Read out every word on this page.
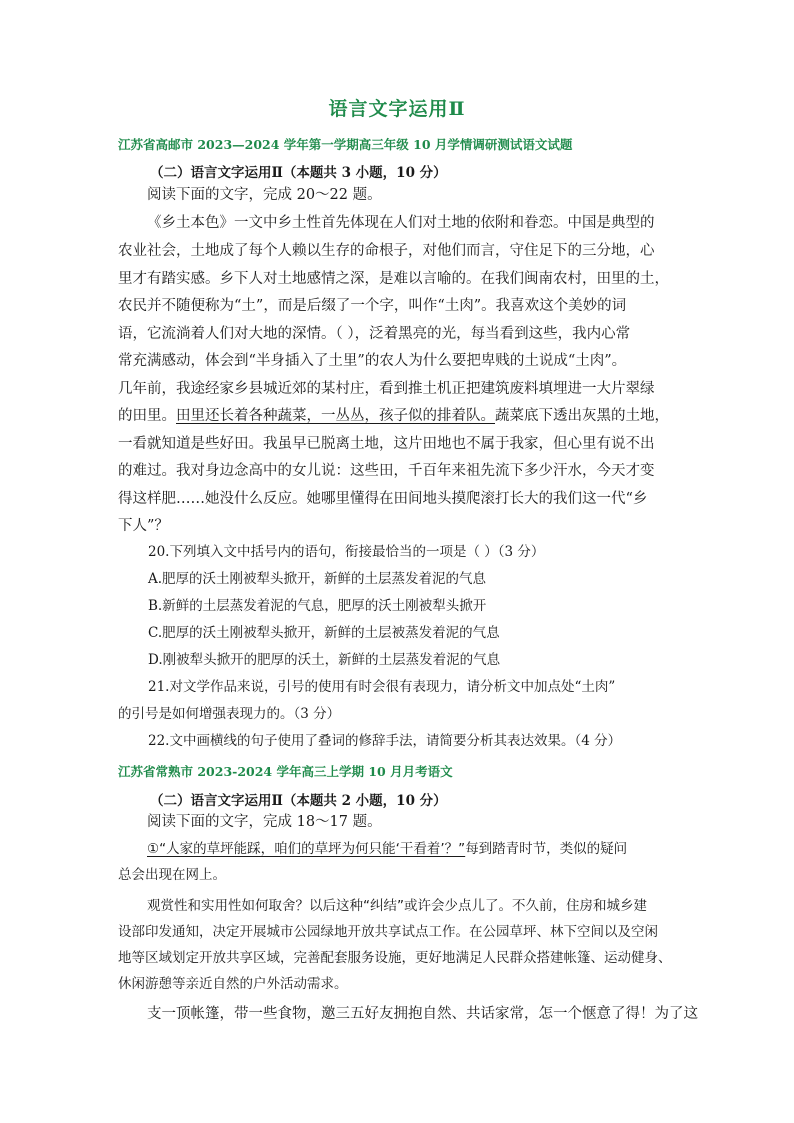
语言文字运用Ⅱ
江苏省高邮市 2023—2024 学年第一学期高三年级 10 月学情调研测试语文试题
（二）语言文字运用Ⅱ（本题共 3 小题，10 分）
阅读下面的文字，完成 20～22 题。
《乡土本色》一文中乡土性首先体现在人们对土地的依附和眷恋。中国是典型的
农业社会，土地成了每个人赖以生存的命根子，对他们而言，守住足下的三分地，心
里才有踏实感。乡下人对土地感情之深，是难以言喻的。在我们闽南农村，田里的土，
农民并不随便称为“土”，而是后缀了一个字，叫作“土肉”。我喜欢这个美妙的词
语，它流淌着人们对大地的深情。（ ），泛着黑亮的光，每当看到这些，我内心常
常充满感动，体会到“半身插入了土里”的农人为什么要把卑贱的土说成“土肉”。
几年前，我途经家乡县城近郊的某村庄，看到推土机正把建筑废料填埋进一大片翠绿
的田里。田里还长着各种蔬菜，一丛丛，孩子似的排着队。蔬菜底下透出灰黑的土地，
一看就知道是些好田。我虽早已脱离土地，这片田地也不属于我家，但心里有说不出
的难过。我对身边念高中的女儿说：这些田，千百年来祖先流下多少汗水，今天才变
得这样肥……她没什么反应。她哪里懂得在田间地头摸爬滚打长大的我们这一代“乡
下人”？
20.下列填入文中括号内的语句，衔接最恰当的一项是（ ）（3 分）
A.肥厚的沃土刚被犁头掀开，新鲜的土层蒸发着泥的气息
B.新鲜的土层蒸发着泥的气息，肥厚的沃土刚被犁头掀开
C.肥厚的沃土刚被犁头掀开，新鲜的土层被蒸发着泥的气息
D.刚被犁头掀开的肥厚的沃土，新鲜的土层蒸发着泥的气息
21.对文学作品来说，引号的使用有时会很有表现力，请分析文中加点处“土肉”
的引号是如何增强表现力的。（3 分）
22.文中画横线的句子使用了叠词的修辞手法，请简要分析其表达效果。（4 分）
江苏省常熟市 2023-2024 学年高三上学期 10 月月考语文
（二）语言文字运用Ⅱ（本题共 2 小题，10 分）
阅读下面的文字，完成 18～17 题。
①“人家的草坪能踩，咱们的草坪为何只能‘干看着’？”每到踏青时节，类似的疑问
总会出现在网上。
观赏性和实用性如何取舍？以后这种“纠结”或许会少点儿了。不久前，住房和城乡建
设部印发通知，决定开展城市公园绿地开放共享试点工作。在公园草坪、林下空间以及空闲
地等区域划定开放共享区域，完善配套服务设施，更好地满足人民群众搭建帐篷、运动健身、
休闲游憩等亲近自然的户外活动需求。
支一顶帐篷，带一些食物，邀三五好友拥抱自然、共话家常，怎一个惬意了得！为了这
